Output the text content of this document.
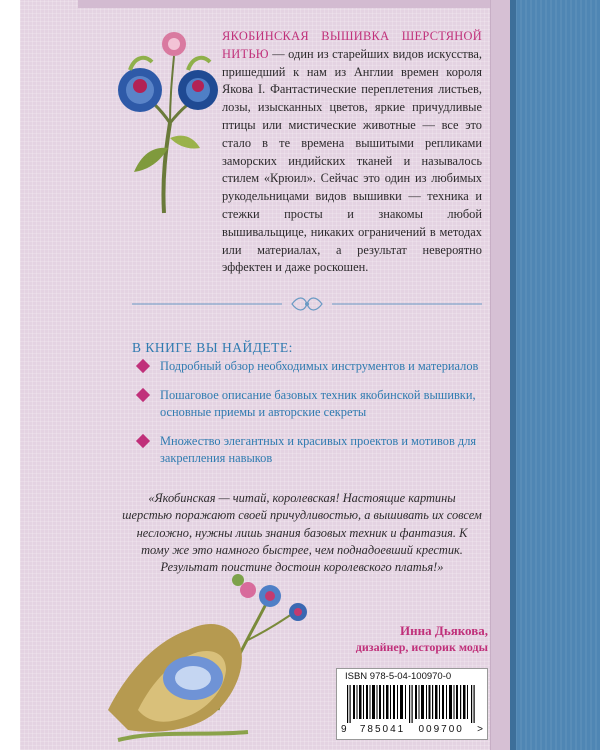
ЯКОБИНСКАЯ ВЫШИВКА ШЕРСТЯНОЙ НИТЬЮ — один из старейших видов искусства, пришедший к нам из Англии времен короля Якова I. Фантастические переплетения листьев, лозы, изысканных цветов, яркие причудливые птицы или мистические животные — все это стало в те времена вышитыми репликами заморских индийских тканей и называлось стилем «Крюил». Сейчас это один из любимых рукодельницами видов вышивки — техника и стежки просты и знакомы любой вышивальщице, никаких ограничений в методах или материалах, а результат невероятно эффектен и даже роскошен.
В КНИГЕ ВЫ НАЙДЕТЕ:
Подробный обзор необходимых инструментов и материалов
Пошаговое описание базовых техник якобинской вышивки, основные приемы и авторские секреты
Множество элегантных и красивых проектов и мотивов для закрепления навыков
«Якобинская — читай, королевская! Настоящие картины шерстью поражают своей причудливостью, а вышивать их совсем несложно, нужны лишь знания базовых техник и фантазия. К тому же это намного быстрее, чем поднадоевший крестик. Результат поистине достоин королевского платья!»
Инна Дьякова,
дизайнер, историк моды
ISBN 978-5-04-100970-0
9 785041 009700 >
